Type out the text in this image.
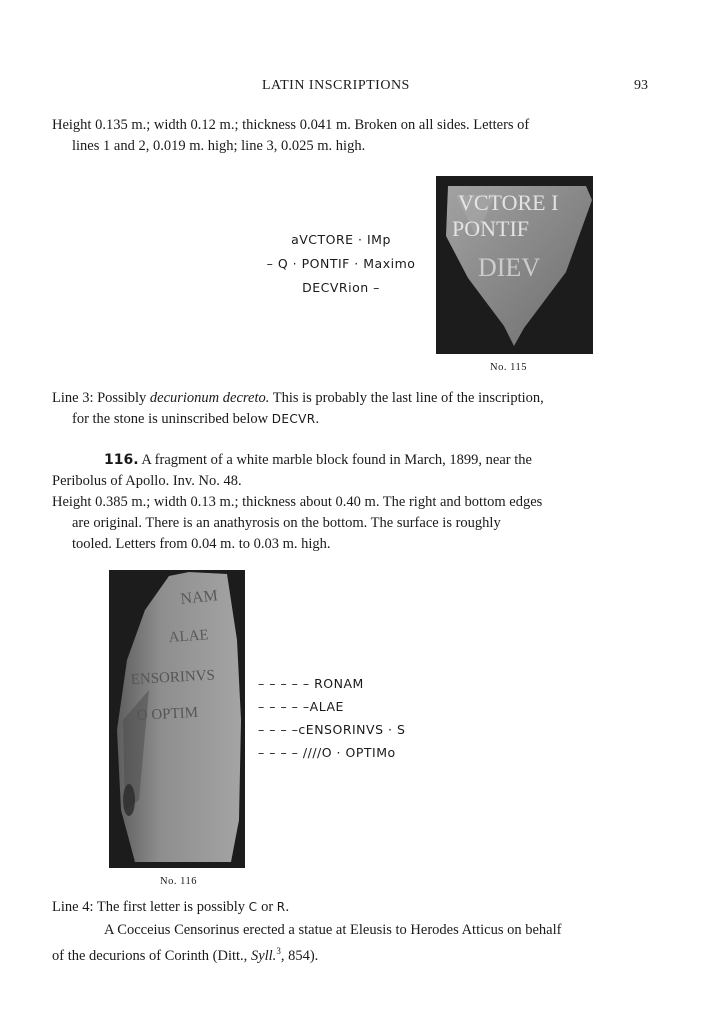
LATIN INSCRIPTIONS	93
Height 0.135 m.; width 0.12 m.; thickness 0.041 m. Broken on all sides. Letters of
lines 1 and 2, 0.019 m. high; line 3, 0.025 m. high.
aVCTORE · IMp
– Q · PONTIF · Maximo
DECVRion –
VCTORE I
PONTIF
DIEV
No. 115
Line 3: Possibly decurionum decreto. This is probably the last line of the inscription,
for the stone is uninscribed below DECVR.
116. A fragment of a white marble block found in March, 1899, near the
Peribolus of Apollo. Inv. No. 48.
Height 0.385 m.; width 0.13 m.; thickness about 0.40 m. The right and bottom edges
are original. There is an anathyrosis on the bottom. The surface is roughly
tooled. Letters from 0.04 m. to 0.03 m. high.
NAM
ALAE
ENSORINVS
O OPTIM
No. 116
– – – – – RONAM
– – – – –ALAE
– – – –cENSORINVS · S
– – – – ////O · OPTIMo
Line 4: The first letter is possibly C or R.
A Cocceius Censorinus erected a statue at Eleusis to Herodes Atticus on behalf
of the decurions of Corinth (Ditt., Syll.$^3$, 854).
